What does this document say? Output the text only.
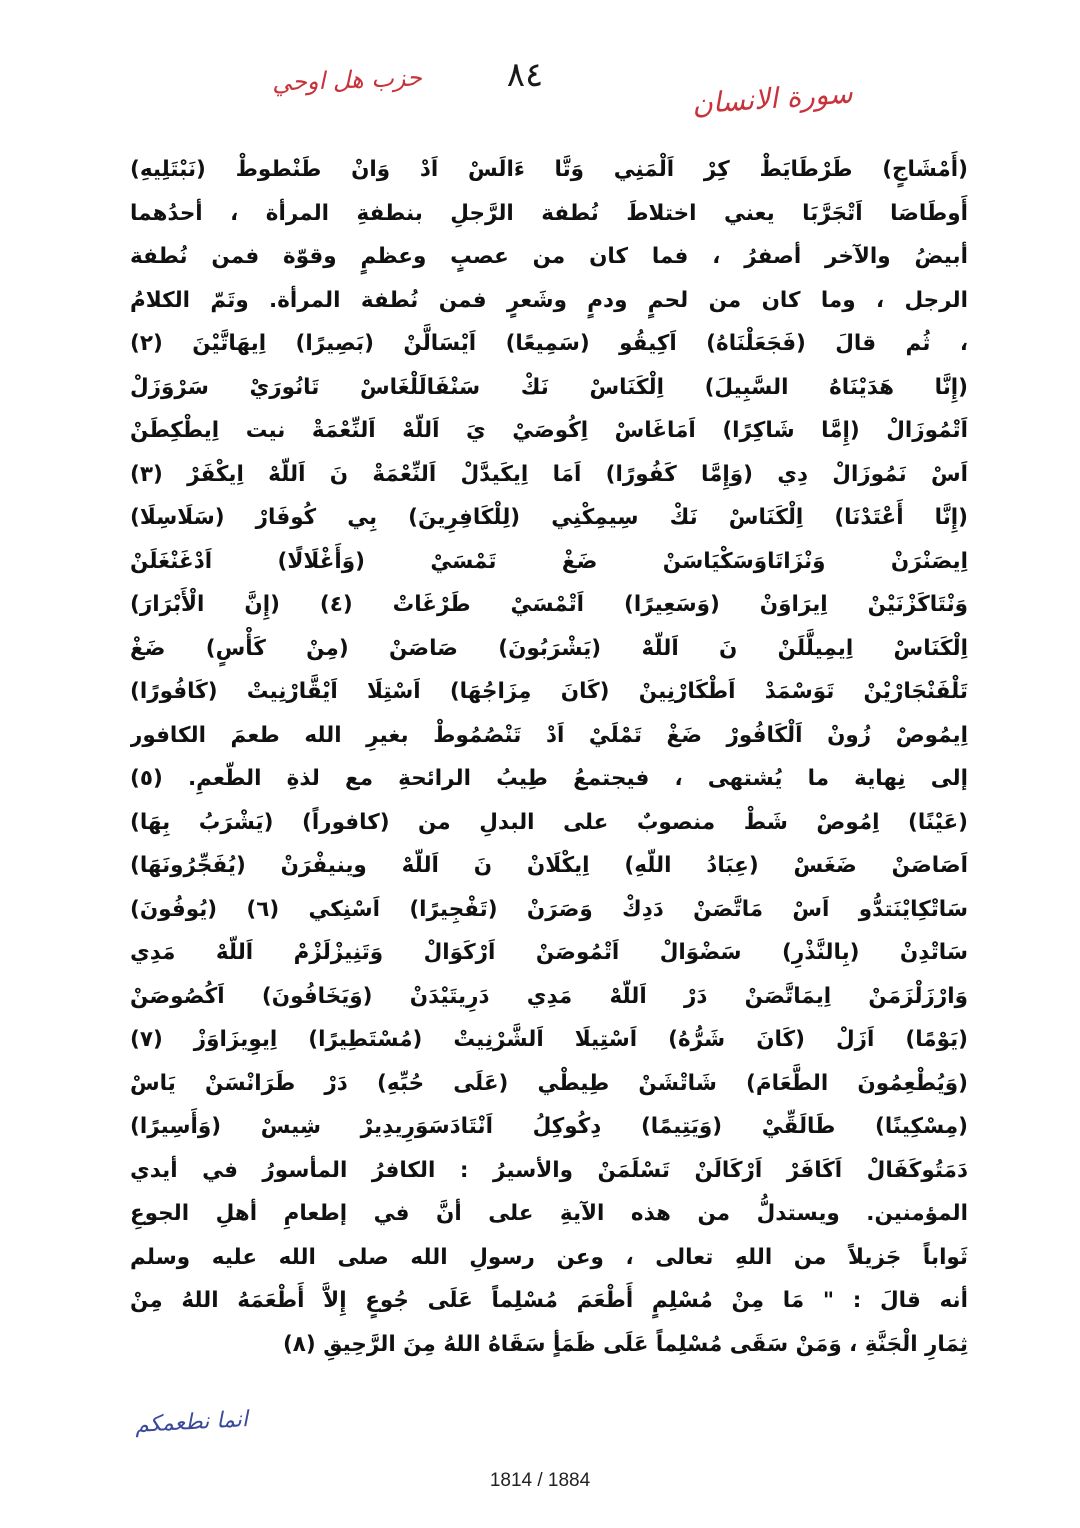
٨٤
حزب هل اوحي	سورة الانسان
(أَمْشَاجٍ) طَرْطَايَطْ كِرْ اَلْمَنِي وَتَّا ءَالَسْ اَدْ وَانْ طَنْطوطْ (نَبْتَلِيهِ)
أَوطَاصَا اَتْجَرَّبَا يعني اختلاطَ نُطفة الرَّجلِ بنطفةِ المرأة ، أحدُهما
أبيضُ والآخر أصفرُ ، فما كان من عصبٍ وعظمٍ وقوّة فمن نُطفة
الرجل ، وما كان من لحمٍ ودمٍ وشَعرٍ فمن نُطفة المرأة. وتَمّ الكلامُ
، ثُم قالَ (فَجَعَلْنَاهُ) اَكِيقُو (سَمِيعًا) اَيْسَالَّنْ (بَصِيرًا) اِيهَاتَّيْنَ (٢)
(إِنَّا هَدَيْنَاهُ السَّبِيلَ) اِلْكَنَاسْ نَكْ سَنْفَالَلْغَاسْ تَانُورَيْ سَرْوَزَلْ
اَتْمُوزَالْ (إِمَّا شَاكِرًا) اَمَاغَاسْ اِكُوصَيْ يَ اَللّهْ اَلنِّعْمَةْ نيت اِيطْكِطَنْ
اَسْ نَمُوزَالْ دِي (وَإِمَّا كَفُورًا) اَمَا اِيكَيدَّلْ اَلنِّعْمَةْ نَ اَللّهْ اِيكْفَرْ (٣)
(إِنَّا أَعْتَدْنَا) اِلْكَنَاسْ نَكْ سِيمِكْنِي (لِلْكَافِرِينَ) بِي كُوفَارْ (سَلَاسِلَا)
اِيصَنْرَنْ وَنْزَاتَاوَسَكْيَاسَنْ ضَغْ تَمْسَيْ (وَأَغْلَالًا) اَدْغَنْغَلَنْ
وَنْتَاكَزْنَيْنْ اِيرَاوَنْ (وَسَعِيرًا) اَتْمْسَيْ طَرْغَاتْ (٤) (إِنَّ الْأَبْرَارَ)
اِلْكَنَاسْ اِيمِيلَّلَنْ نَ اَللّهْ (يَشْرَبُونَ) صَاصَنْ (مِنْ كَأْسٍ) ضَغْ
تَلْفَنْجَارْيْنْ تَوَسْمَدْ اَطْكَارْنِينْ (كَانَ مِزَاجُهَا) اَسْتِلَا اَيْقَّارْنِيتْ (كَافُورًا)
اِيمُوصْ زُونْ اَلْكَافُورْ ضَغْ تَمْلَيْ اَدْ تَنْصُمُوطْ بغيرِ الله طعمَ الكافور
إلى نِهاية ما يُشتهى ، فيجتمعُ طِيبُ الرائحةِ مع لذةِ الطّعمِ. (٥)
(عَيْنًا) اِمُوصْ شَطْ منصوبٌ على البدلِ من (كافوراً) (يَشْرَبُ بِهَا)
اَصَاصَنْ ضَغَسْ (عِبَادُ اللّهِ) اِيكْلَانْ نَ اَللّهْ وينيفْرَنْ (يُفَجِّرُونَهَا)
سَاتْكِايْنَتدُّو اَسْ مَاتَّصَنْ دَدِكْ وَصَرَنْ (تَفْجِيرًا) اَسْنِكي (٦) (يُوفُونَ)
سَاتْدِنْ (بِالنَّذْرِ) سَضْوَالْ اَتْمُوصَنْ اَرْكَوَالْ وَتَنِيزْلَزْمْ اَللّهْ مَدِي
وَارْزَلْزَمَنْ اِيمَاتَّصَنْ دَرْ اَللّهْ مَدِي دَرِيتَيْدَنْ (وَيَخَافُونَ) اَكُصُوصَنْ
(يَوْمًا) اَزَلْ (كَانَ شَرُّهُ) اَسْتِيلَا اَلشَّرْنِيتْ (مُسْتَطِيرًا) اِيوِيزَاوَزْ (٧)
(وَيُطْعِمُونَ الطَّعَامَ) شَاتْشَنْ طِيطْي (عَلَى حُبِّهِ) دَرْ طَرَانْسَنْ يَاسْ
(مِسْكِينًا) طَالَقِّيْ (وَيَتِيمًا) دِكُوكِلُ اَنْتَادَسَوَرِيدِيرْ شِيسْ (وَأَسِيرًا)
دَمَتُوكَفَالْ اَكَافَرْ اَرْكَالَنْ تَسْلَمَنْ والأسيرُ : الكافرُ المأسورُ في أيدي
المؤمنين. ويستدلُّ من هذه الآيةِ على أنَّ في إطعامِ أهلِ الجوعِ
ثَواباً جَزيلاً من اللهِ تعالى ، وعن رسولِ الله صلى الله عليه وسلم
أنه قالَ : " مَا مِنْ مُسْلِمٍ أَطْعَمَ مُسْلِماً عَلَى جُوعٍ إِلاَّ أَطْعَمَهُ اللهُ مِنْ
ثِمَارِ الْجَنَّةِ ، وَمَنْ سَقَى مُسْلِماً عَلَى ظَمَأٍ سَقَاهُ اللهُ مِنَ الرَّحِيقِ (٨)
انما نطعمكم
1814 / 1884
